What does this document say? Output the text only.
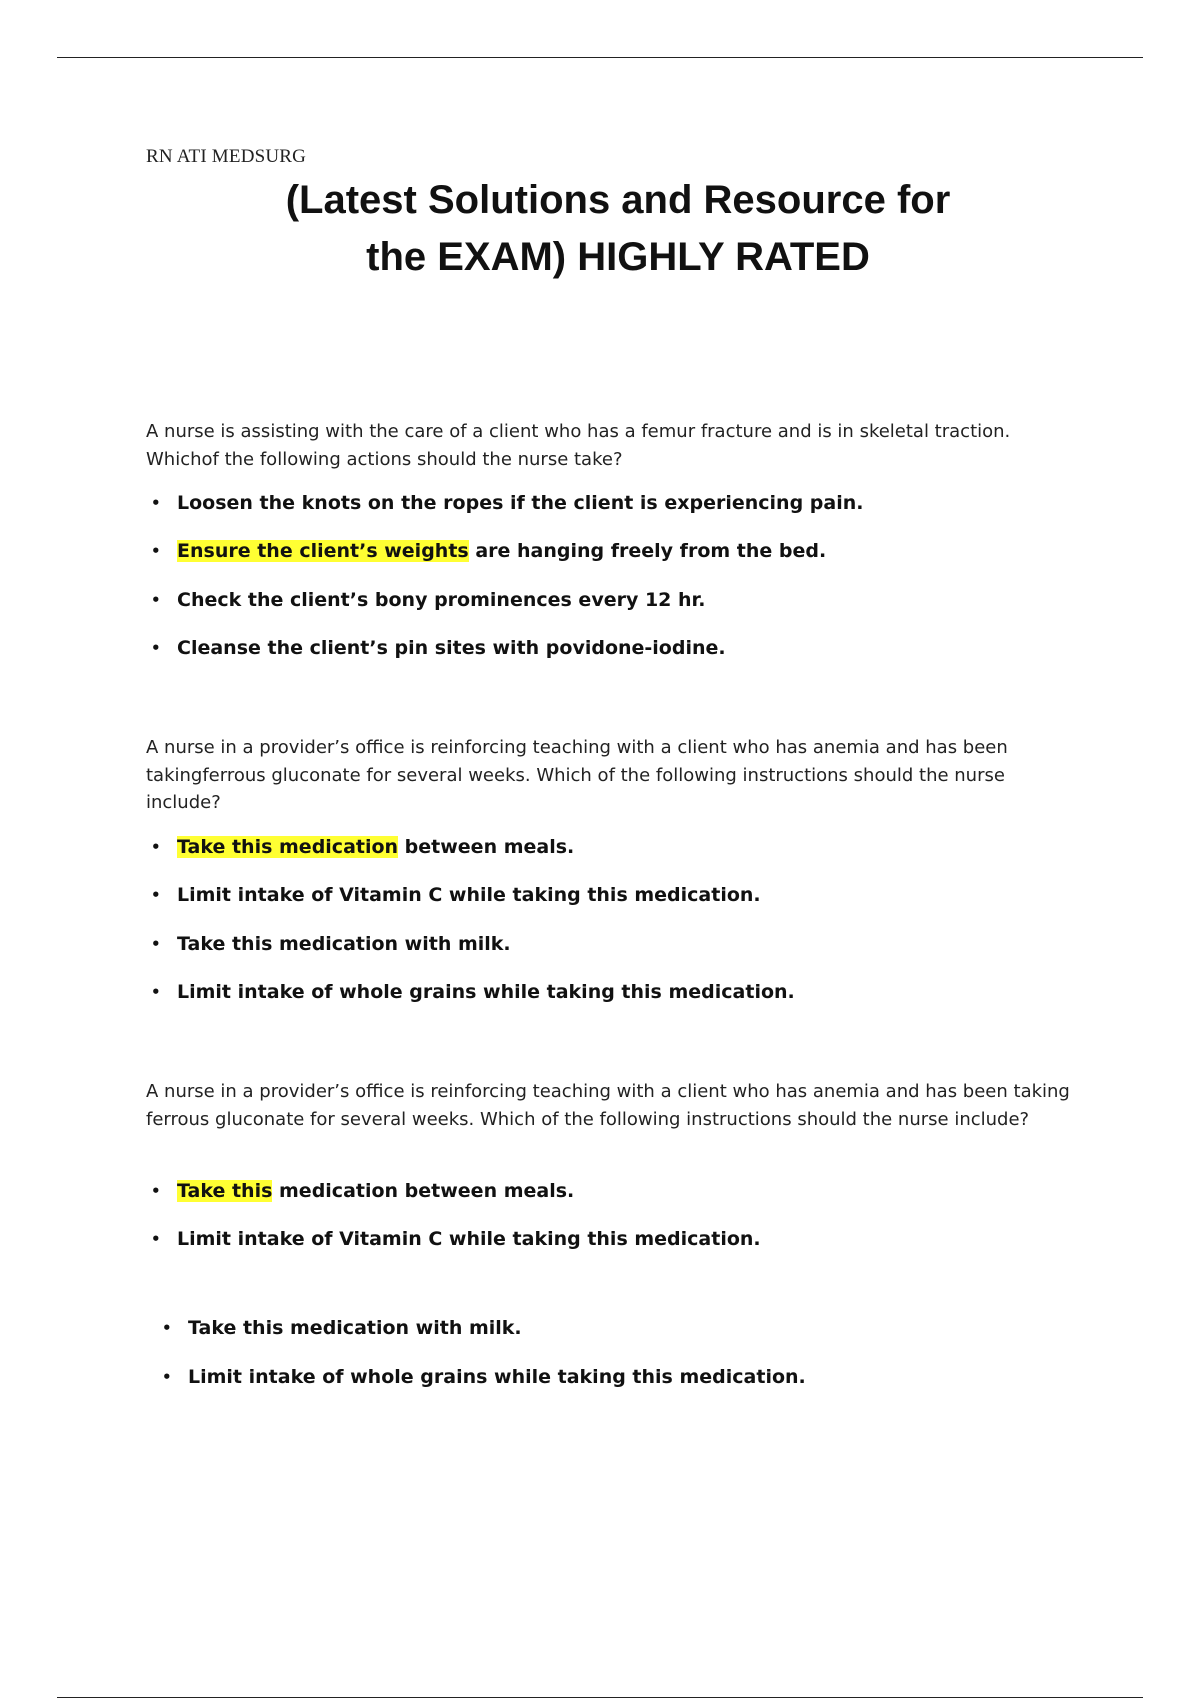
RN ATI MEDSURG
(Latest Solutions and Resource for
the EXAM) HIGHLY RATED

A nurse is assisting with the care of a client who has a femur fracture and is in skeletal traction. Whichof the following actions should the nurse take?

• Loosen the knots on the ropes if the client is experiencing pain.
• Ensure the client’s weights are hanging freely from the bed.
• Check the client’s bony prominences every 12 hr.
• Cleanse the client’s pin sites with povidone-iodine.

A nurse in a provider’s office is reinforcing teaching with a client who has anemia and has been takingferrous gluconate for several weeks. Which of the following instructions should the nurse include?

• Take this medication between meals.
• Limit intake of Vitamin C while taking this medication.
• Take this medication with milk.
• Limit intake of whole grains while taking this medication.

A nurse in a provider’s office is reinforcing teaching with a client who has anemia and has been taking ferrous gluconate for several weeks. Which of the following instructions should the nurse include?

• Take this medication between meals.
• Limit intake of Vitamin C while taking this medication.
• Take this medication with milk.
• Limit intake of whole grains while taking this medication.
